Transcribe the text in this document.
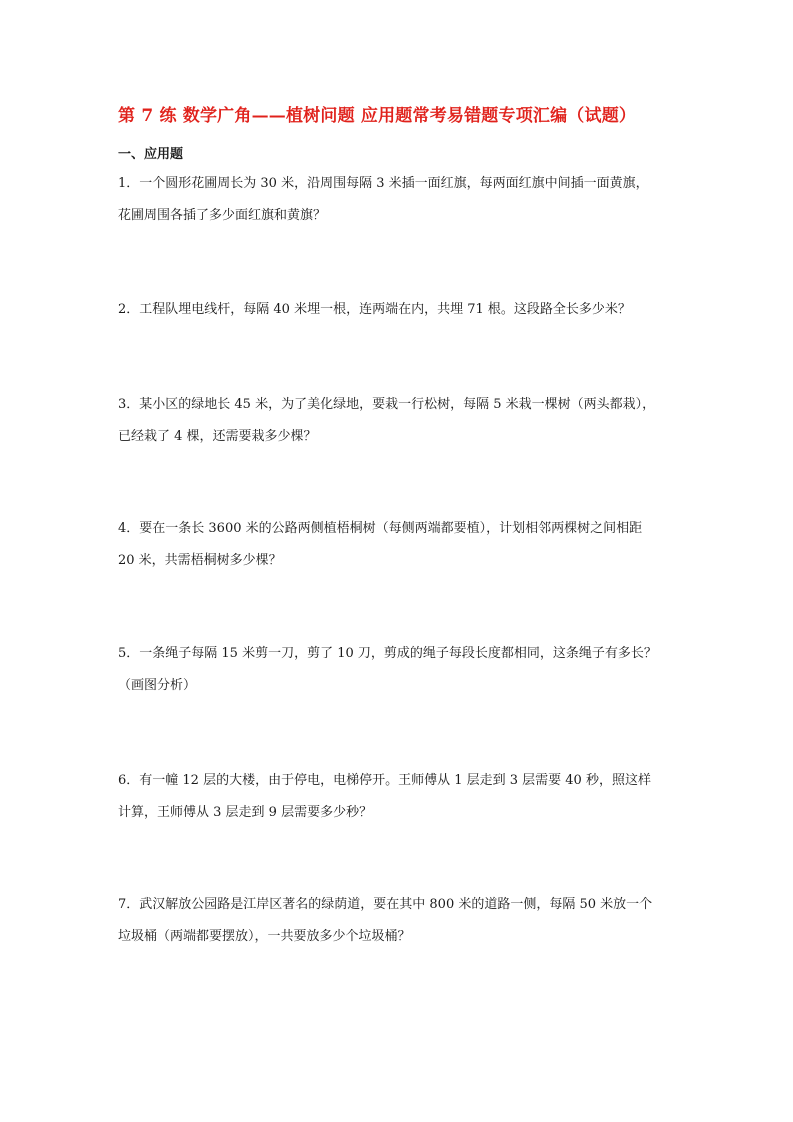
第 7 练 数学广角——植树问题 应用题常考易错题专项汇编（试题）
一、应用题
1．一个圆形花圃周长为 30 米，沿周围每隔 3 米插一面红旗，每两面红旗中间插一面黄旗，
花圃周围各插了多少面红旗和黄旗？
2．工程队埋电线杆，每隔 40 米埋一根，连两端在内，共埋 71 根。这段路全长多少米？
3．某小区的绿地长 45 米，为了美化绿地，要栽一行松树，每隔 5 米栽一棵树（两头都栽），
已经栽了 4 棵，还需要栽多少棵？
4．要在一条长 3600 米的公路两侧植梧桐树（每侧两端都要植），计划相邻两棵树之间相距
20 米，共需梧桐树多少棵？
5．一条绳子每隔 15 米剪一刀，剪了 10 刀，剪成的绳子每段长度都相同，这条绳子有多长？
（画图分析）
6．有一幢 12 层的大楼，由于停电，电梯停开。王师傅从 1 层走到 3 层需要 40 秒，照这样
计算，王师傅从 3 层走到 9 层需要多少秒？
7．武汉解放公园路是江岸区著名的绿荫道，要在其中 800 米的道路一侧，每隔 50 米放一个
垃圾桶（两端都要摆放），一共要放多少个垃圾桶？
